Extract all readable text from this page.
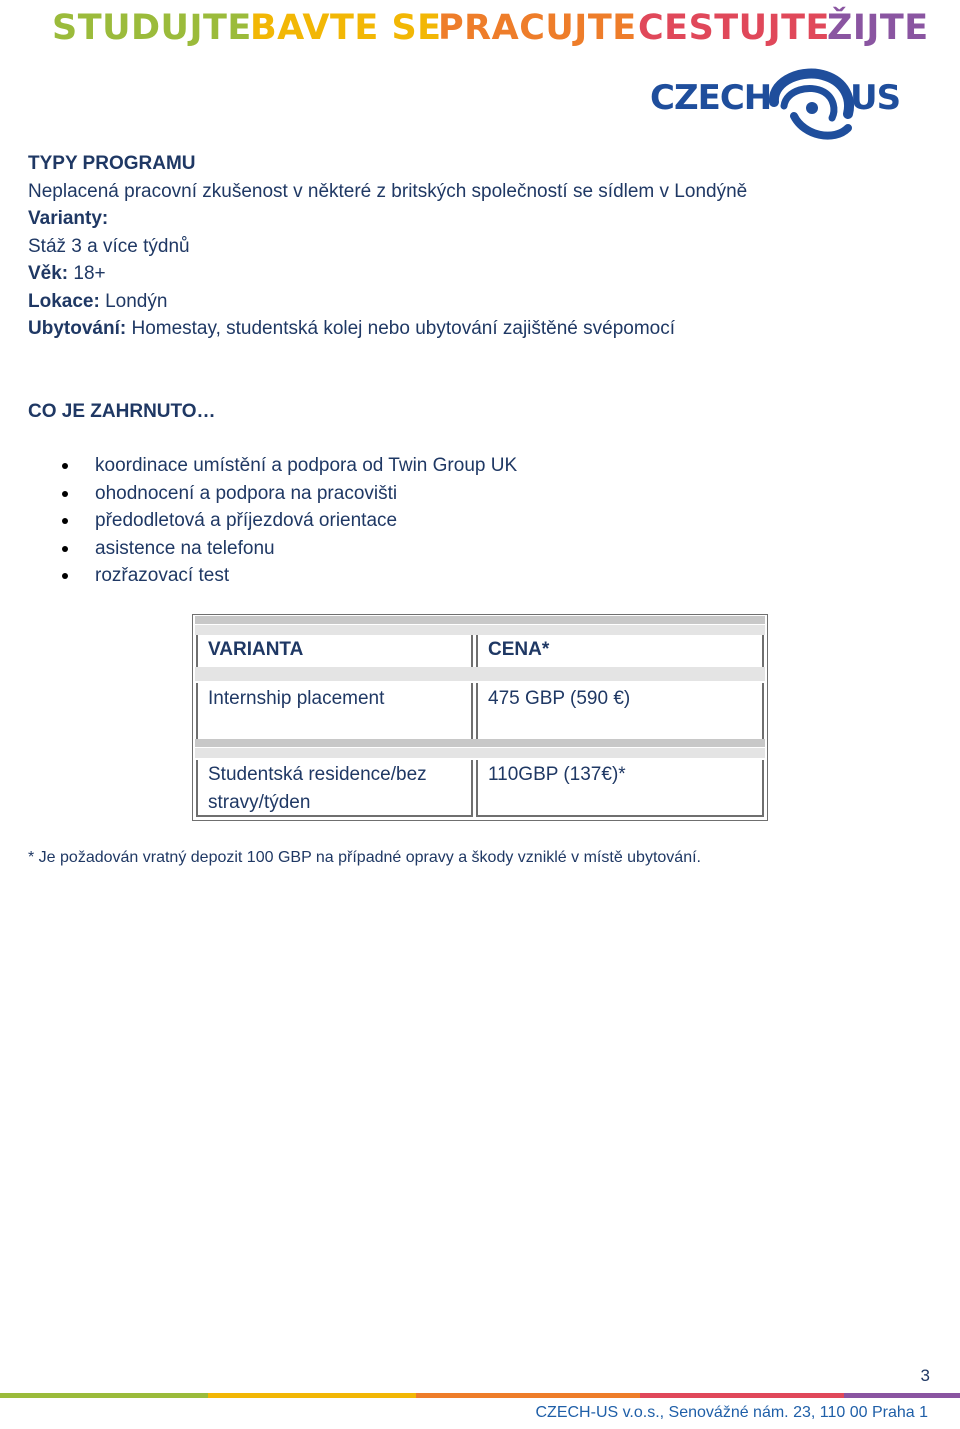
STUDUJTE
BAVTE SE
PRACUJTE CESTUJTE
ŽIJTE
CZECH US
TYPY PROGRAMU
Neplacená pracovní zkušenost v některé z britských společností se sídlem v Londýně
Varianty:
Stáž 3 a více týdnů
Věk: 18+
Lokace: Londýn
Ubytování: Homestay, studentská kolej nebo ubytování zajištěné svépomocí
CO JE ZAHRNUTO…
koordinace umístění a podpora od Twin Group UK
ohodnocení a podpora na pracovišti
předodletová a příjezdová orientace
asistence na telefonu
rozřazovací test
VARIANTA	CENA*
Internship placement	475 GBP (590 €)
Studentská residence/bez stravy/týden
110GBP (137€)*
* Je požadován vratný depozit 100 GBP na případné opravy a škody vzniklé v místě ubytování.
3
CZECH-US v.o.s., Senovážné nám. 23, 110 00 Praha 1
